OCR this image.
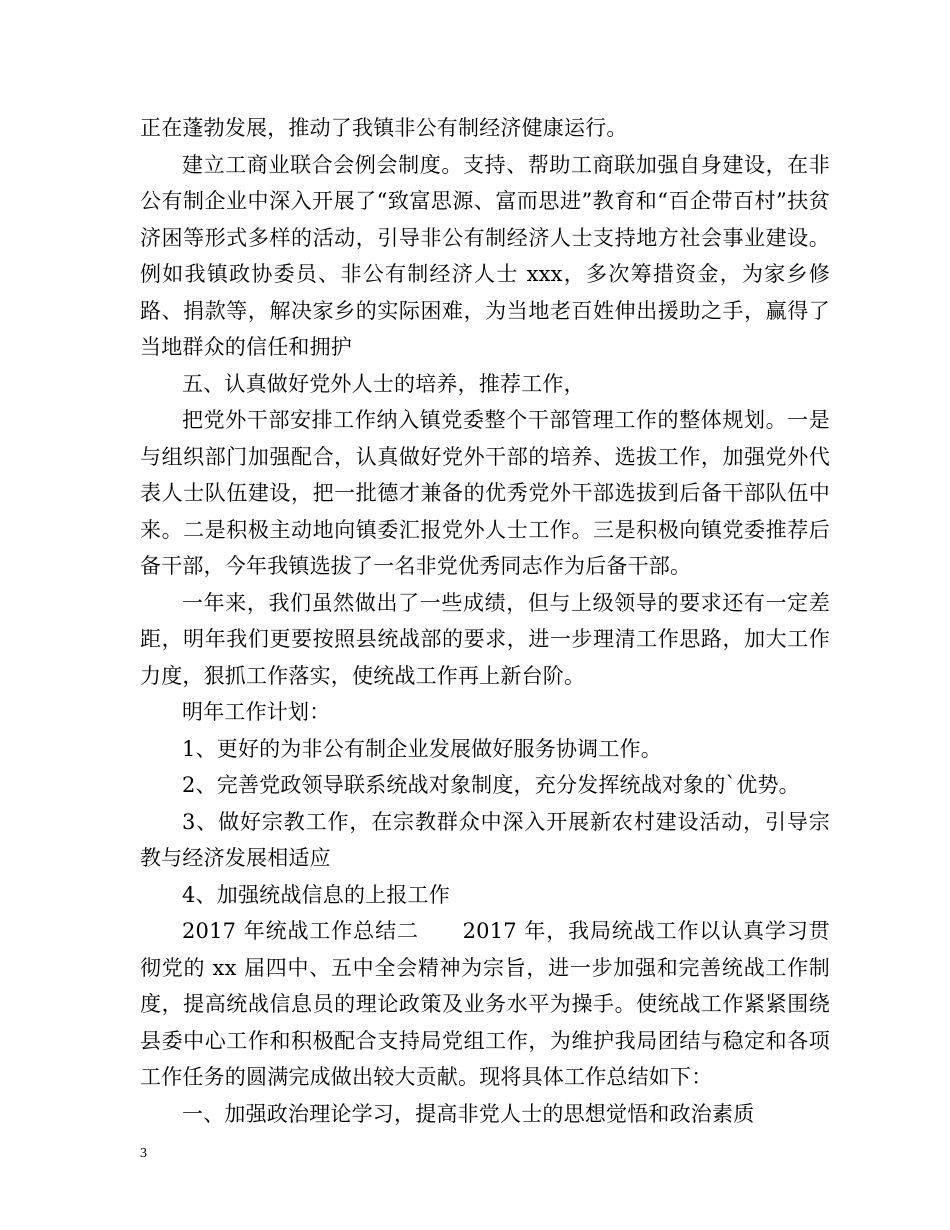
正在蓬勃发展，推动了我镇非公有制经济健康运行。

建立工商业联合会例会制度。支持、帮助工商联加强自身建设，在非公有制企业中深入开展了“致富思源、富而思进”教育和“百企带百村”扶贫济困等形式多样的活动，引导非公有制经济人士支持地方社会事业建设。例如我镇政协委员、非公有制经济人士 xxx，多次筹措资金，为家乡修路、捐款等，解决家乡的实际困难，为当地老百姓伸出援助之手，赢得了当地群众的信任和拥护

五、认真做好党外人士的培养，推荐工作，

把党外干部安排工作纳入镇党委整个干部管理工作的整体规划。一是与组织部门加强配合，认真做好党外干部的培养、选拔工作，加强党外代表人士队伍建设，把一批德才兼备的优秀党外干部选拔到后备干部队伍中来。二是积极主动地向镇委汇报党外人士工作。三是积极向镇党委推荐后备干部，今年我镇选拔了一名非党优秀同志作为后备干部。

一年来，我们虽然做出了一些成绩，但与上级领导的要求还有一定差距，明年我们更要按照县统战部的要求，进一步理清工作思路，加大工作力度，狠抓工作落实，使统战工作再上新台阶。

明年工作计划：

1、更好的为非公有制企业发展做好服务协调工作。

2、完善党政领导联系统战对象制度，充分发挥统战对象的`优势。

3、做好宗教工作，在宗教群众中深入开展新农村建设活动，引导宗教与经济发展相适应

4、加强统战信息的上报工作

2017 年统战工作总结二　　2017 年，我局统战工作以认真学习贯彻党的 xx 届四中、五中全会精神为宗旨，进一步加强和完善统战工作制度，提高统战信息员的理论政策及业务水平为操手。使统战工作紧紧围绕县委中心工作和积极配合支持局党组工作，为维护我局团结与稳定和各项工作任务的圆满完成做出较大贡献。现将具体工作总结如下：

一、加强政治理论学习，提高非党人士的思想觉悟和政治素质

3
